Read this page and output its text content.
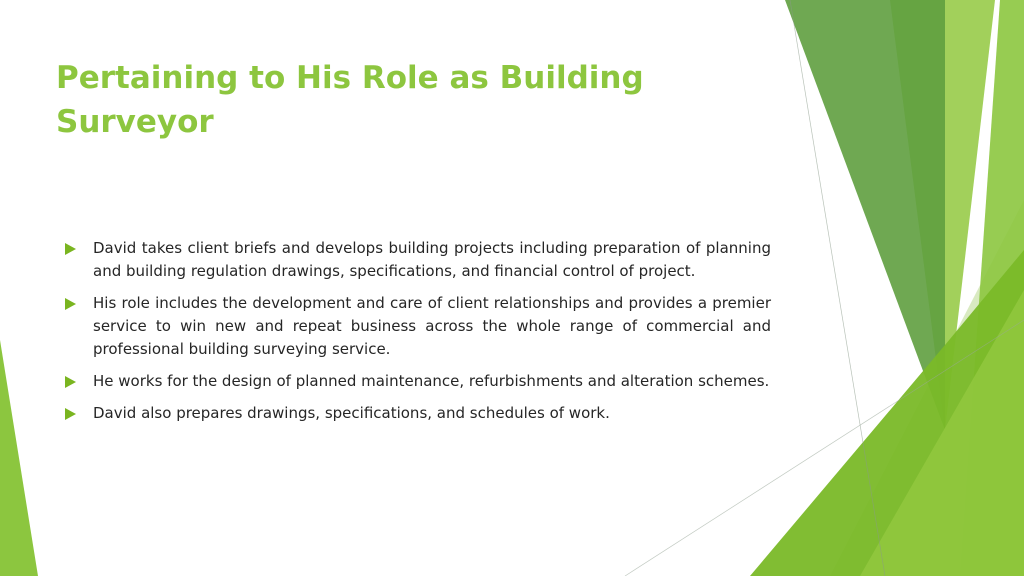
Pertaining to His Role as Building Surveyor
David takes client briefs and develops building projects including preparation of planning and building regulation drawings, specifications, and financial control of project.
His role includes the development and care of client relationships and provides a premier service to win new and repeat business across the whole range of commercial and professional building surveying service.
He works for the design of planned maintenance, refurbishments and alteration schemes.
David also prepares drawings, specifications, and schedules of work.
